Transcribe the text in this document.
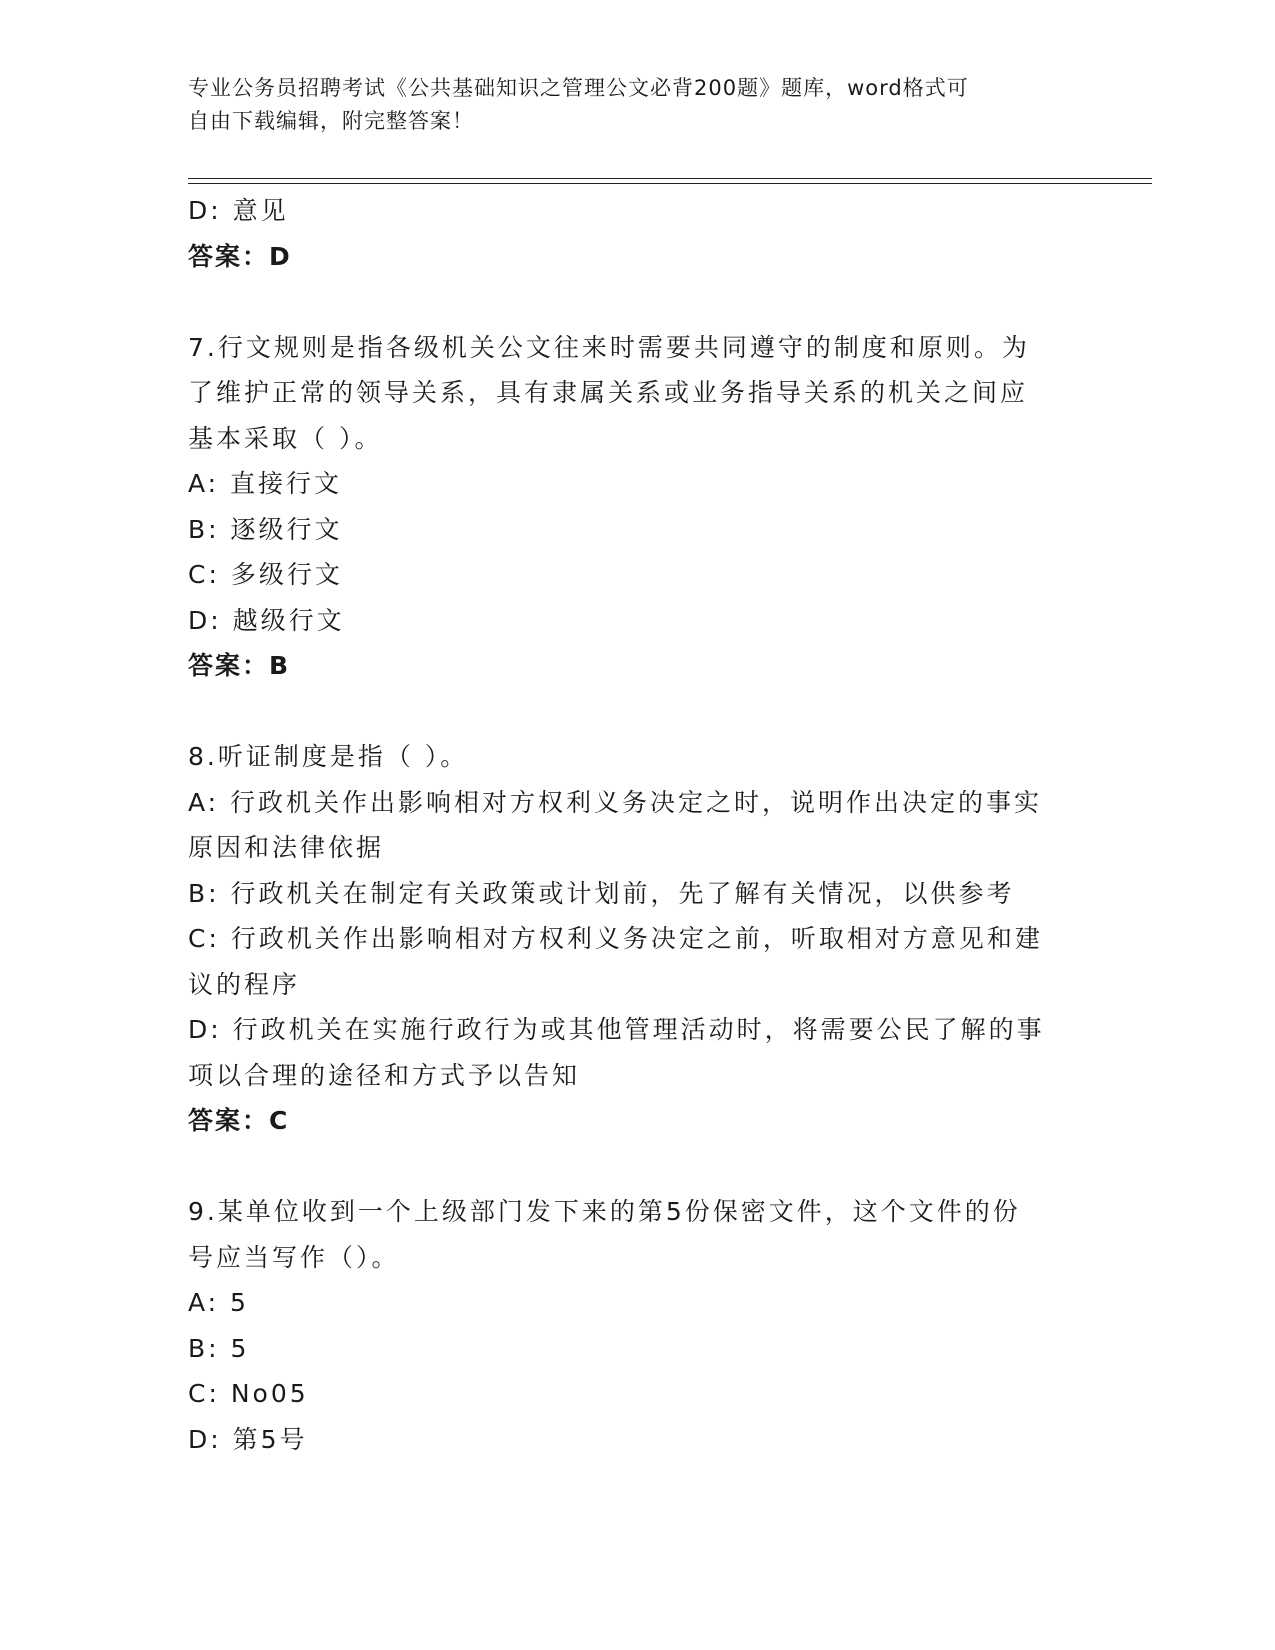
专业公务员招聘考试《公共基础知识之管理公文必背200题》题库，word格式可
自由下载编辑，附完整答案！
D: 意见
答案：D
7.行文规则是指各级机关公文往来时需要共同遵守的制度和原则。为
了维护正常的领导关系，具有隶属关系或业务指导关系的机关之间应
基本采取（ ）。
A: 直接行文
B: 逐级行文
C: 多级行文
D: 越级行文
答案：B
8.听证制度是指（ ）。
A: 行政机关作出影响相对方权利义务决定之时，说明作出决定的事实
原因和法律依据
B: 行政机关在制定有关政策或计划前，先了解有关情况，以供参考
C: 行政机关作出影响相对方权利义务决定之前，听取相对方意见和建
议的程序
D: 行政机关在实施行政行为或其他管理活动时，将需要公民了解的事
项以合理的途径和方式予以告知
答案：C
9.某单位收到一个上级部门发下来的第5份保密文件，这个文件的份
号应当写作（）。
A: 5
B: 5
C: No05
D: 第5号
